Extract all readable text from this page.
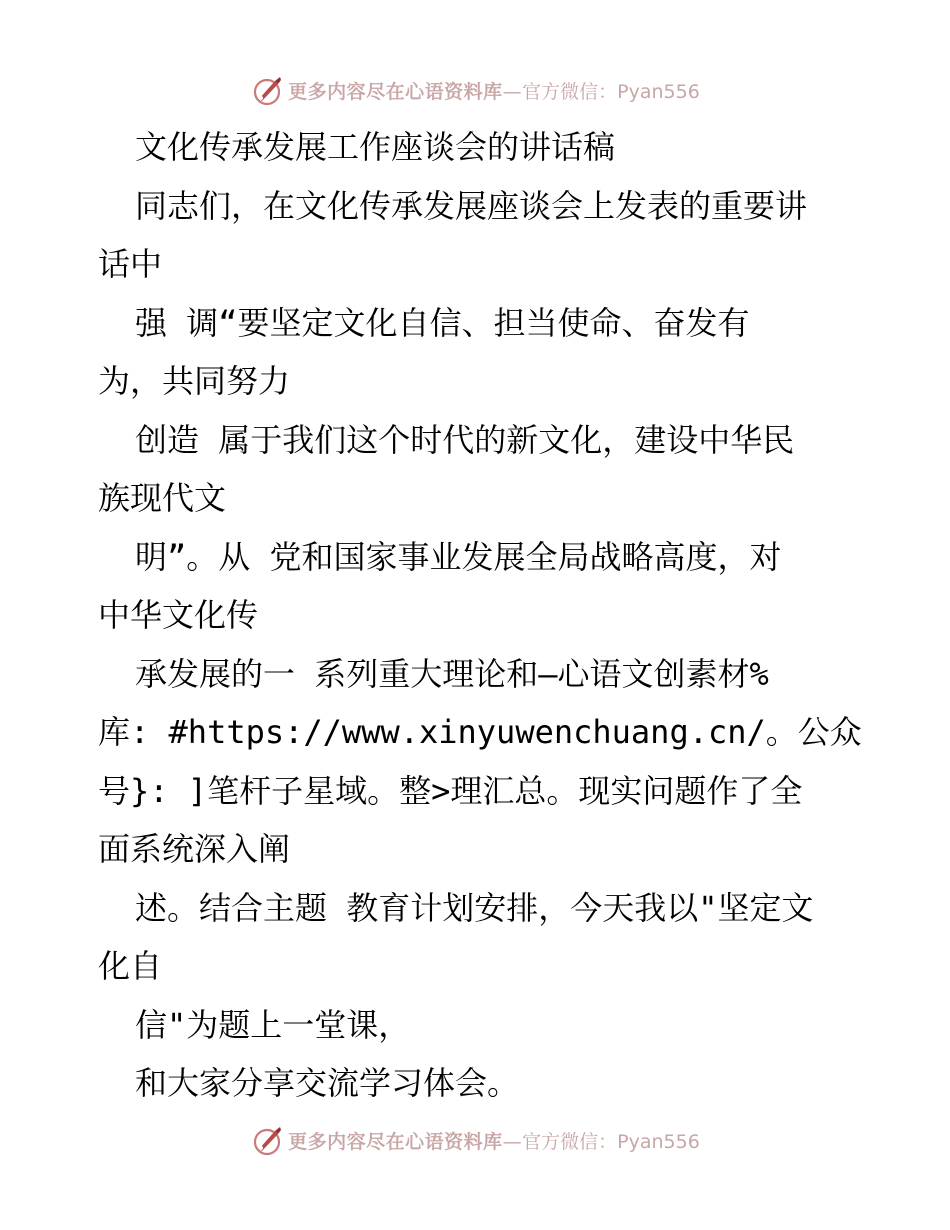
更多内容尽在心语资料库—官方微信：Pyan556
文化传承发展工作座谈会的讲话稿
同志们，在文化传承发展座谈会上发表的重要讲
话中
强 调“要坚定文化自信、担当使命、奋发有
为，共同努力
创造 属于我们这个时代的新文化，建设中华民
族现代文
明”。从 党和国家事业发展全局战略高度，对
中华文化传
承发展的一 系列重大理论和—心语文创素材%
库: #https://www.xinyuwenchuang.cn/。公众
号}: ]笔杆子星域。整>理汇总。现实问题作了全
面系统深入阐
述。结合主题 教育计划安排，今天我以"坚定文
化自
信"为题上一堂课，
和大家分享交流学习体会。
更多内容尽在心语资料库—官方微信：Pyan556
